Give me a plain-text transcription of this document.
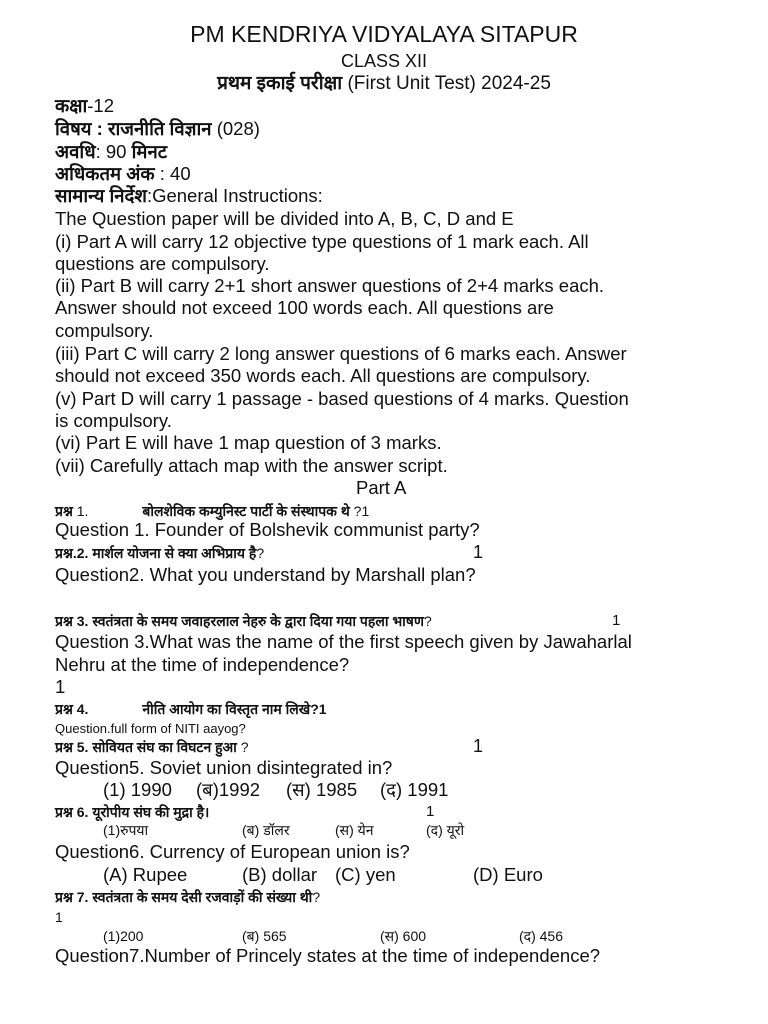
PM KENDRIYA VIDYALAYA SITAPUR
CLASS XII
प्रथम इकाई परीक्षा (First Unit Test) 2024-25
कक्षा-12
विषय : राजनीति विज्ञान (028)
अवधि: 90 मिनट
अधिकतम अंक : 40
सामान्य निर्देश:General Instructions:
The Question paper will be divided into A, B, C, D and E
(i) Part A will carry 12 objective type questions of 1 mark each. All
questions are compulsory.
(ii) Part B will carry 2+1 short answer questions of 2+4 marks each.
Answer should not exceed 100 words each. All questions are
compulsory.
(iii) Part C will carry 2 long answer questions of 6 marks each. Answer
should not exceed 350 words each. All questions are compulsory.
(v) Part D will carry 1 passage - based questions of 4 marks. Question
is compulsory.
(vi) Part E will have 1 map question of 3 marks.
(vii) Carefully attach map with the answer script.
Part A
प्रश्न 1.	बोलशेविक कम्युनिस्ट पार्टी के संस्थापक थे ?1
Question 1. Founder of Bolshevik communist party?
प्रश्न.2. मार्शल योजना से क्या अभिप्राय है?	1
Question2. What you understand by Marshall plan?
प्रश्न 3. स्वतंत्रता के समय जवाहरलाल नेहरु के द्वारा दिया गया पहला भाषण?	1
Question 3.What was the name of the first speech given by Jawaharlal
Nehru at the time of independence?
1
प्रश्न 4.	नीति आयोग का विस्तृत नाम लिखे?1
Question.full form of NITI aayog?
प्रश्न 5. सोवियत संघ का विघटन हुआ ?	1
Question5. Soviet union disintegrated in?
(1) 1990 (ब)1992 (स) 1985 (द) 1991
प्रश्न 6. यूरोपीय संघ की मुद्रा है।	1
(1)रुपया	(ब) डॉलर	(स) येन	(द) यूरो
Question6. Currency of European union is?
(A) Rupee	(B) dollar (C) yen	(D) Euro
प्रश्न 7. स्वतंत्रता के समय देसी रजवाड़ों की संख्या थी?
1
(1)200	(ब) 565	(स) 600	(द) 456
Question7.Number of Princely states at the time of independence?
